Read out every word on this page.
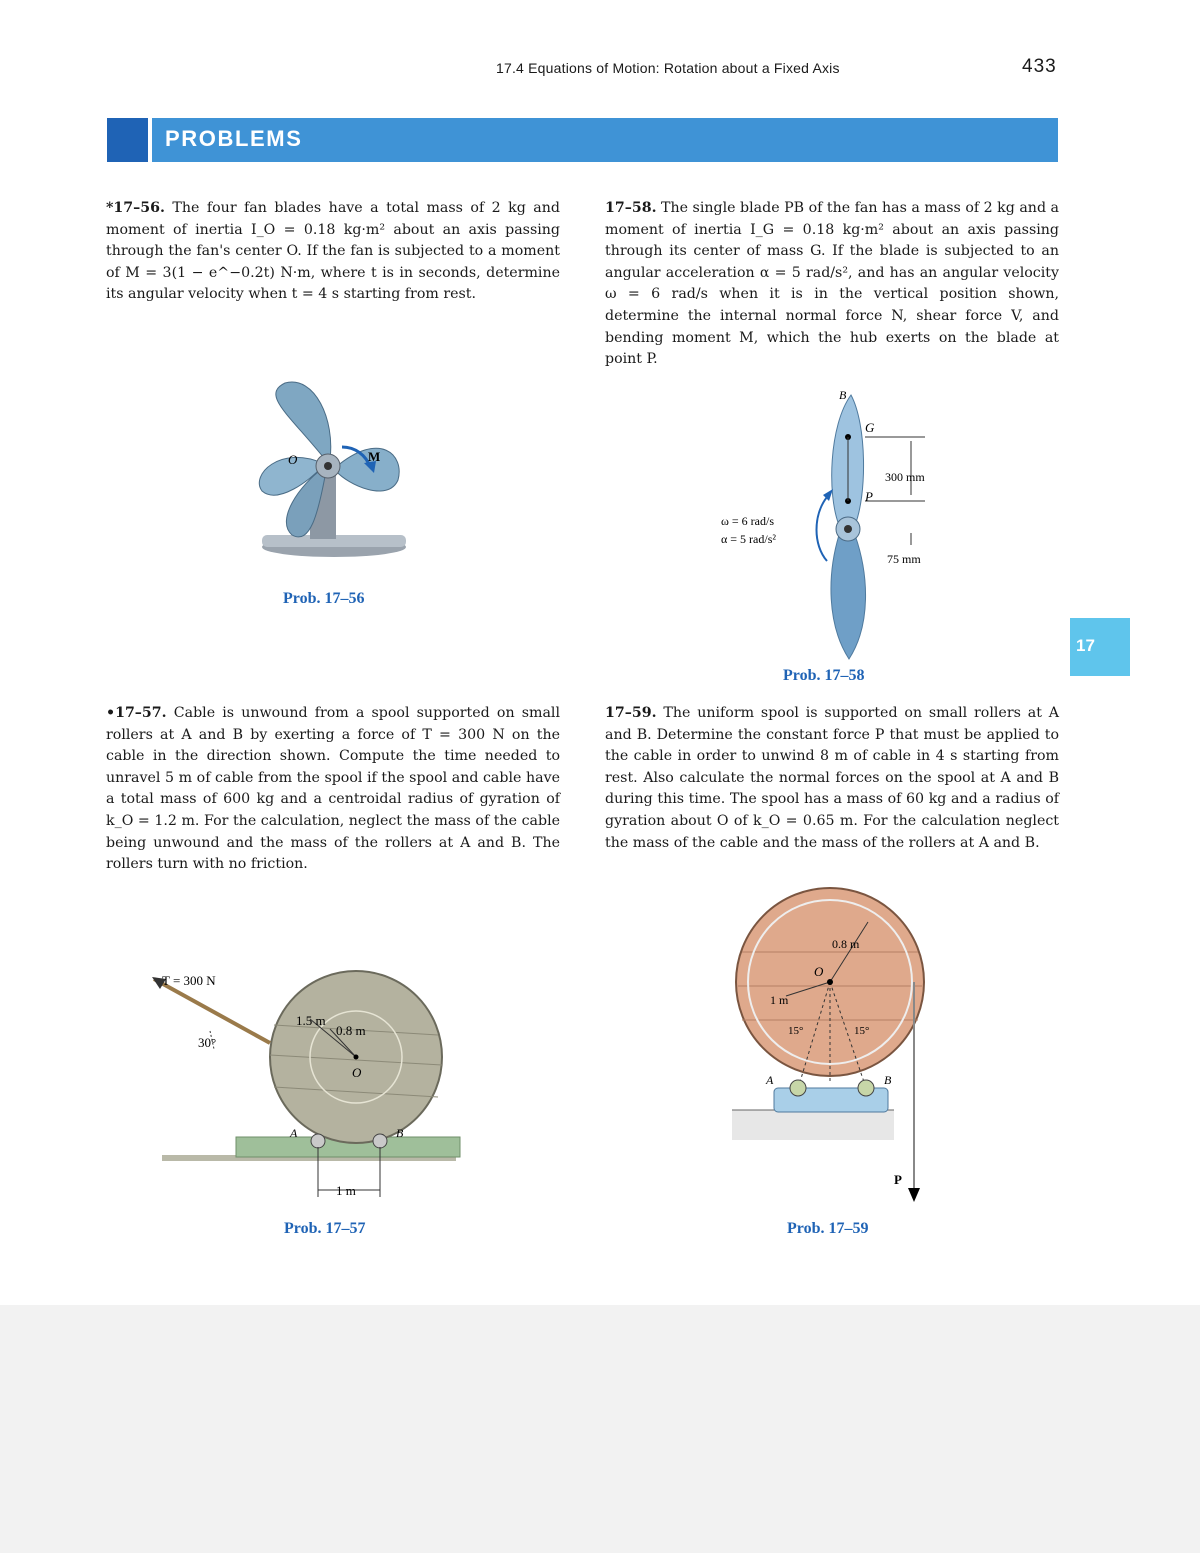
17.4 Equations of Motion: Rotation about a Fixed Axis	433
PROBLEMS
17
*17–56. The four fan blades have a total mass of 2 kg and moment of inertia I_O = 0.18 kg·m² about an axis passing through the fan's center O. If the fan is subjected to a moment of M = 3(1 − e^−0.2t) N·m, where t is in seconds, determine its angular velocity when t = 4 s starting from rest.
O	M
Prob. 17–56
•17–57. Cable is unwound from a spool supported on small rollers at A and B by exerting a force of T = 300 N on the cable in the direction shown. Compute the time needed to unravel 5 m of cable from the spool if the spool and cable have a total mass of 600 kg and a centroidal radius of gyration of k_O = 1.2 m. For the calculation, neglect the mass of the cable being unwound and the mass of the rollers at A and B. The rollers turn with no friction.
T = 300 N
30°
1.5 m
0.8 m
O
A	B
1 m
Prob. 17–57
17–58. The single blade PB of the fan has a mass of 2 kg and a moment of inertia I_G = 0.18 kg·m² about an axis passing through its center of mass G. If the blade is subjected to an angular acceleration α = 5 rad/s², and has an angular velocity ω = 6 rad/s when it is in the vertical position shown, determine the internal normal force N, shear force V, and bending moment M, which the hub exerts on the blade at point P.
B
G
P
300 mm
75 mm
ω = 6 rad/s
α = 5 rad/s²
Prob. 17–58
17–59. The uniform spool is supported on small rollers at A and B. Determine the constant force P that must be applied to the cable in order to unwind 8 m of cable in 4 s starting from rest. Also calculate the normal forces on the spool at A and B during this time. The spool has a mass of 60 kg and a radius of gyration about O of k_O = 0.65 m. For the calculation neglect the mass of the cable and the mass of the rollers at A and B.
0.8 m
O
1 m
15°	15°
A	B
P
Prob. 17–59
